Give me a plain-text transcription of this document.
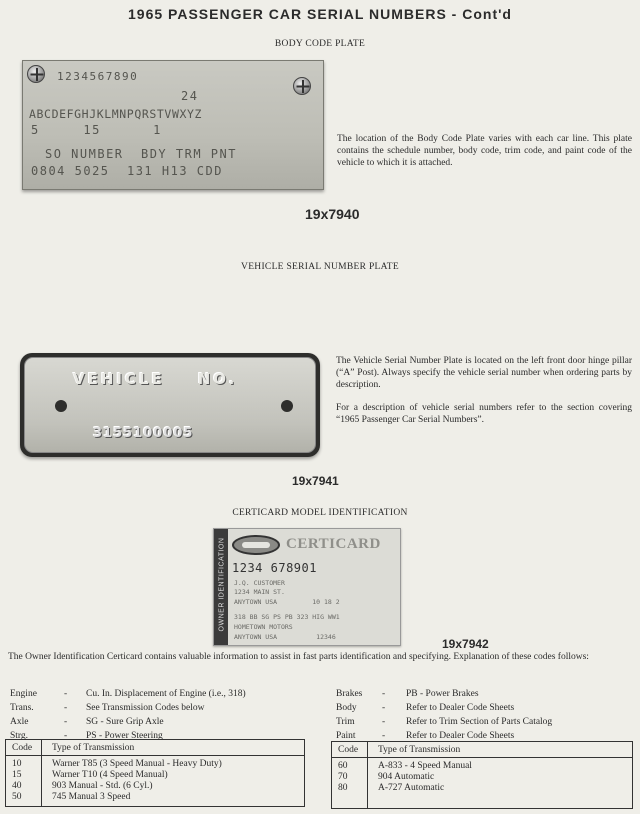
1965 PASSENGER CAR SERIAL NUMBERS - Cont'd
BODY CODE PLATE
1234567890
24
ABCDEFGHJKLMNPQRSTVWXYZ
5     15      1
SO NUMBER  BDY TRM PNT
0804 5025  131 H13 CDD
The location of the Body Code Plate varies with each car line. This plate contains the schedule number, body code, trim code, and paint code of the vehicle to which it is attached.
19x7940
VEHICLE SERIAL NUMBER PLATE
VEHICLE    NO.
3155100005
The Vehicle Serial Number Plate is located on the left front door hinge pillar (“A” Post). Always specify the vehicle serial number when ordering parts by description.
For a description of vehicle serial numbers refer to the section covering “1965 Passenger Car Serial Numbers”.
19x7941
CERTICARD MODEL IDENTIFICATION
OWNER IDENTIFICATION	CERTICARD
1234 678901
J.Q. CUSTOMER
1234 MAIN ST.
ANYTOWN USA         10 18 2
318 BB SG PS PB 323 HIG WW1
HOMETOWN MOTORS
ANYTOWN USA          12346	19x7942
The Owner Identification Certicard contains valuable information to assist in fast parts identification and specifying. Explanation of these codes follows:
Engine	-	Cu. In. Displacement of Engine (i.e., 318)
Trans.	-	See Transmission Codes below
Axle	-	SG - Sure Grip Axle
Strg.	-	PS - Power Steering
Brakes	-	PB - Power Brakes
Body	-	Refer to Dealer Code Sheets
Trim	-	Refer to Trim Section of Parts Catalog
Paint	-	Refer to Dealer Code Sheets
Code	Type of Transmission
10	Warner T85 (3 Speed Manual - Heavy Duty)
15	Warner T10 (4 Speed Manual)
40	903 Manual - Std. (6 Cyl.)
50	745 Manual 3 Speed
Code	Type of Transmission
60	A-833 - 4 Speed Manual
70	904 Automatic
80	A-727 Automatic
